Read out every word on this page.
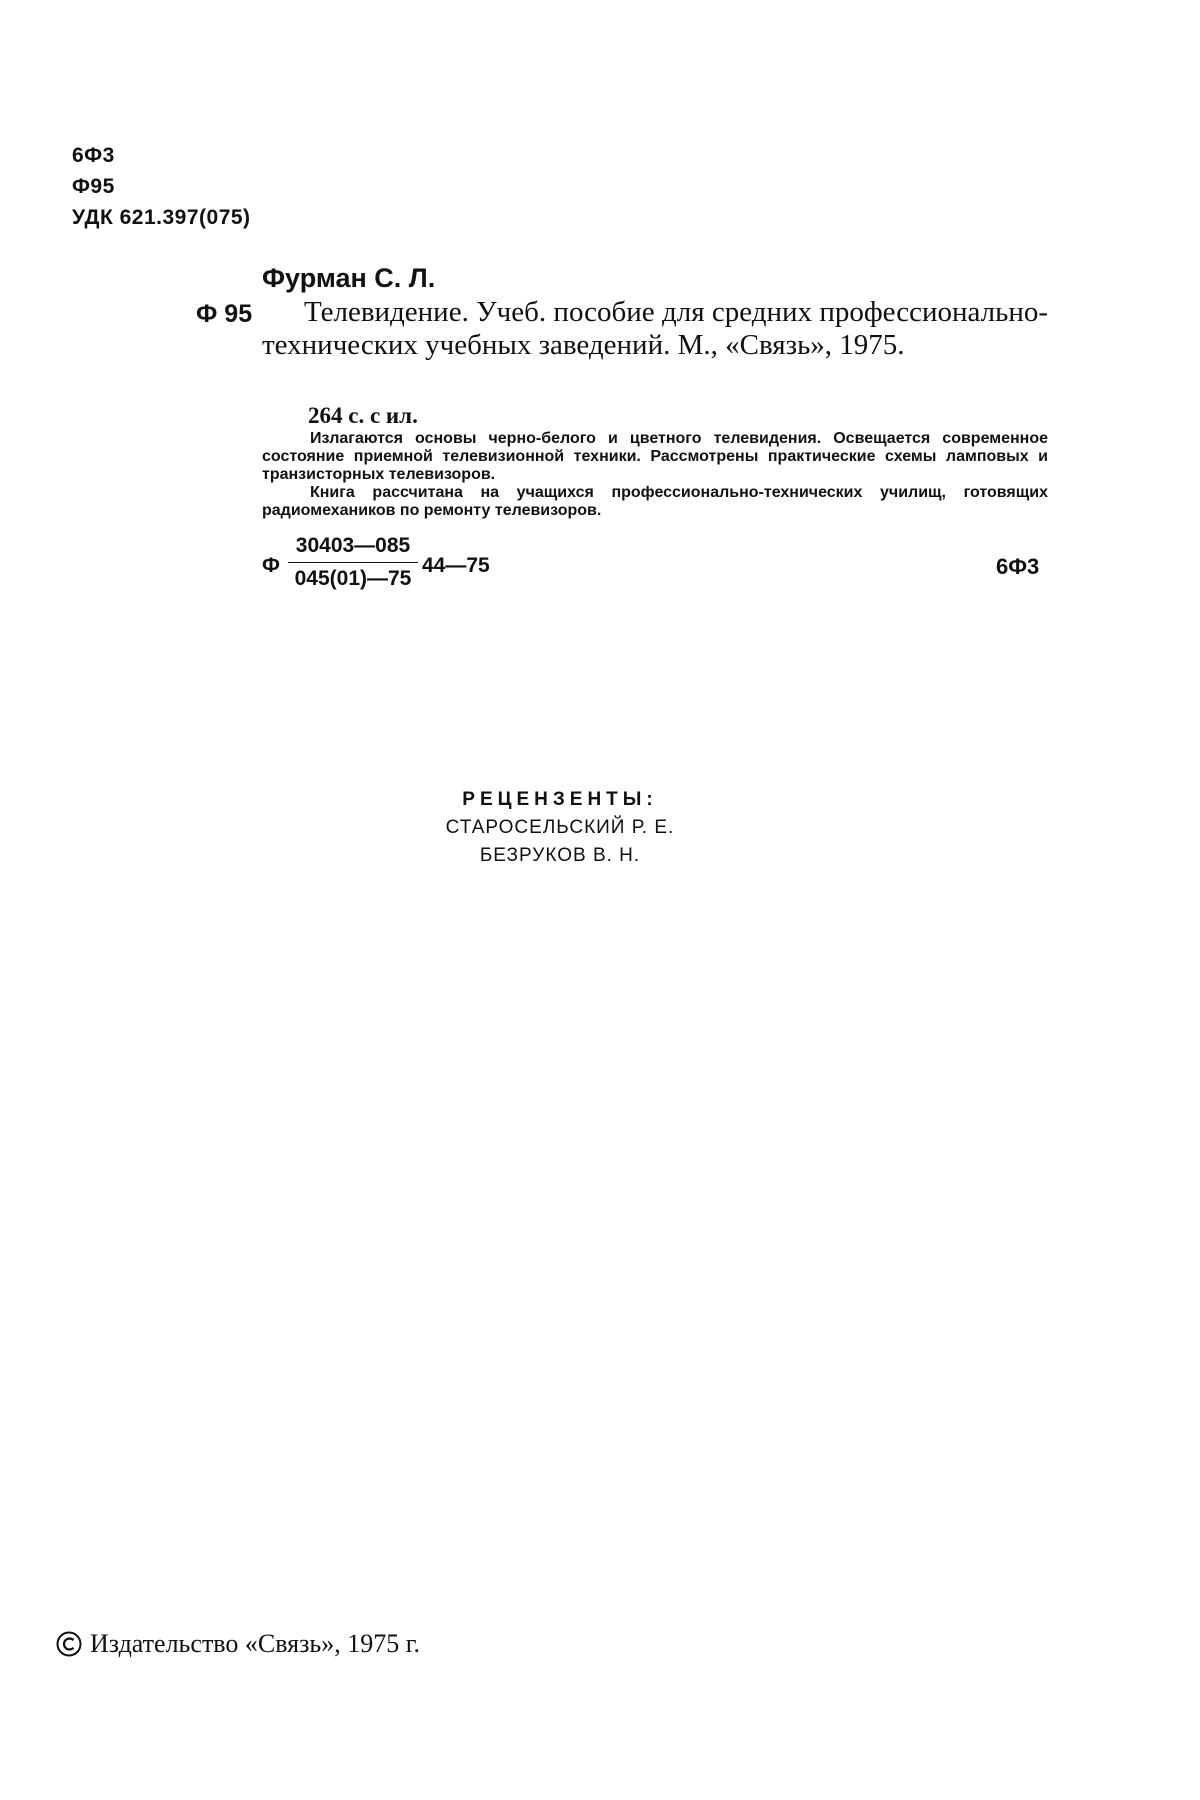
6Ф3
Ф95
УДК 621.397(075)
Фурман С. Л.
Ф 95	Телевидение. Учеб. пособие для средних профессионально-технических учебных заведений. М., «Связь», 1975.
264 с. с ил.

Излагаются основы черно-белого и цветного телевидения. Освещается современное состояние приемной телевизионной техники. Рассмотрены практические схемы ламповых и транзисторных телевизоров.

Книга рассчитана на учащихся профессионально-технических училищ, готовящих радиомехаников по ремонту телевизоров.

Ф $\frac{30403—085}{045(01)—75}$ 44—75	6Ф3
РЕЦЕНЗЕНТЫ:
СТАРОСЕЛЬСКИЙ Р. Е.
БЕЗРУКОВ В. Н.
Издательство «Связь», 1975 г.
